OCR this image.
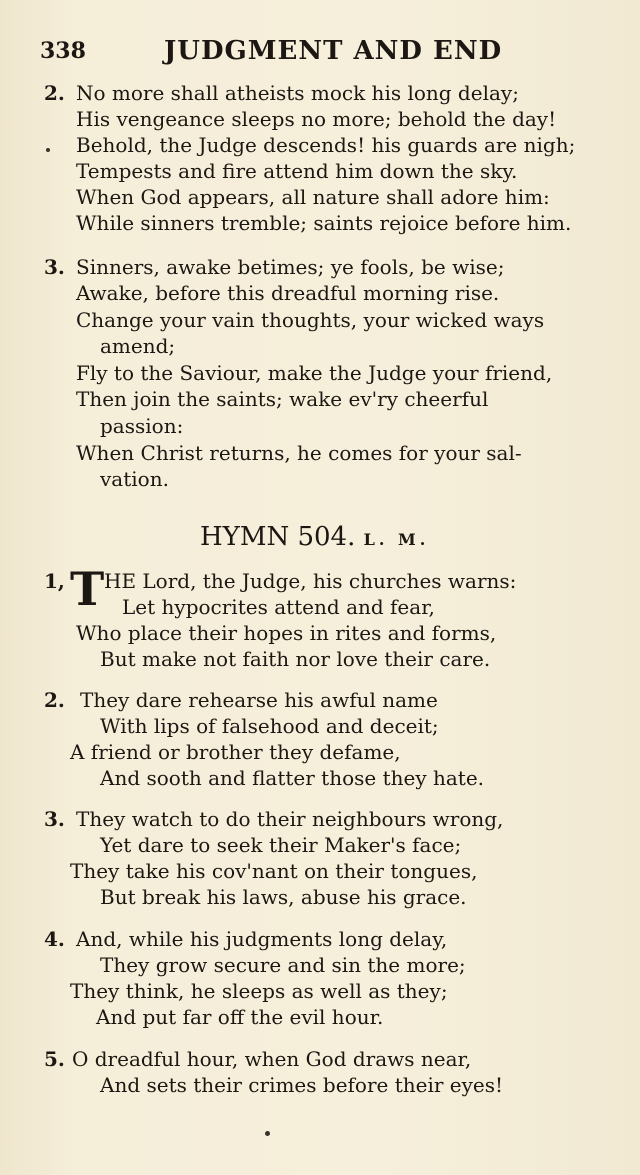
338	JUDGMENT AND END
2. No more shall atheists mock his long delay;
His vengeance sleeps no more; behold the day!
Behold, the Judge descends! his guards are nigh;
Tempests and fire attend him down the sky.
When God appears, all nature shall adore him:
While sinners tremble; saints rejoice before him.
3. Sinners, awake betimes; ye fools, be wise;
Awake, before this dreadful morning rise.
Change your vain thoughts, your wicked ways
amend;
Fly to the Saviour, make the Judge your friend,
Then join the saints; wake ev'ry cheerful
passion:
When Christ returns, he comes for your sal-
vation.
HYMN 504. L. M.
1, T HE Lord, the Judge, his churches warns:
Let hypocrites attend and fear,
Who place their hopes in rites and forms,
But make not faith nor love their care.
2. They dare rehearse his awful name
With lips of falsehood and deceit;
A friend or brother they defame,
And sooth and flatter those they hate.
3. They watch to do their neighbours wrong,
Yet dare to seek their Maker's face;
They take his cov'nant on their tongues,
But break his laws, abuse his grace.
4. And, while his judgments long delay,
They grow secure and sin the more;
They think, he sleeps as well as they;
And put far off the evil hour.
5. O dreadful hour, when God draws near,
And sets their crimes before their eyes!
